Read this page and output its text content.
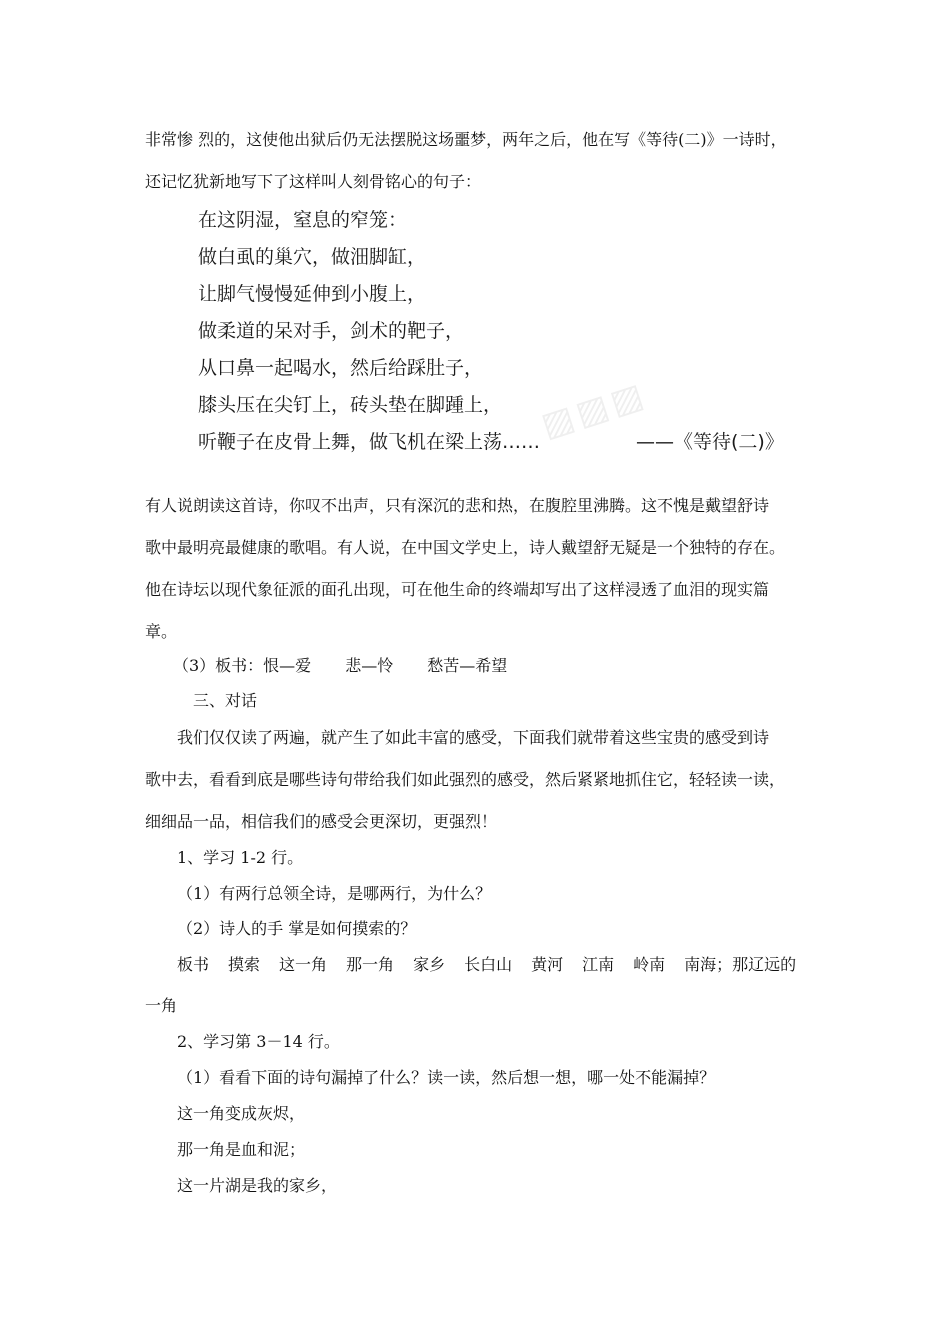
▨▨▨
非常惨 烈的，这使他出狱后仍无法摆脱这场噩梦，两年之后，他在写《等待(二)》一诗时，
还记忆犹新地写下了这样叫人刻骨铭心的句子：
在这阴湿，窒息的窄笼：
做白虱的巢穴，做沺脚缸，
让脚气慢慢延伸到小腹上，
做柔道的呆对手，剑术的靶子，
从口鼻一起喝水，然后给踩肚子，
膝头压在尖钉上，砖头垫在脚踵上，
听鞭子在皮骨上舞，做飞机在梁上荡……	——《等待(二)》
有人说朗读这首诗，你叹不出声，只有深沉的悲和热，在腹腔里沸腾。这不愧是戴望舒诗
歌中最明亮最健康的歌唱。有人说，在中国文学史上，诗人戴望舒无疑是一个独特的存在。
他在诗坛以现代象征派的面孔出现，可在他生命的终端却写出了这样浸透了血泪的现实篇
章。
（3）板书：恨—爱 悲—怜 愁苦—希望
三、对话
我们仅仅读了两遍，就产生了如此丰富的感受，下面我们就带着这些宝贵的感受到诗
歌中去，看看到底是哪些诗句带给我们如此强烈的感受，然后紧紧地抓住它，轻轻读一读，
细细品一品，相信我们的感受会更深切，更强烈！
1、学习 1-2 行。
（1）有两行总领全诗，是哪两行，为什么？
（2）诗人的手 掌是如何摸索的？
板书 摸索 这一角 那一角 家乡 长白山 黄河 江南 岭南 南海；那辽远的
一角
2、学习第 3－14 行。
（1）看看下面的诗句漏掉了什么？读一读，然后想一想，哪一处不能漏掉？
这一角变成灰烬，
那一角是血和泥；
这一片湖是我的家乡，
